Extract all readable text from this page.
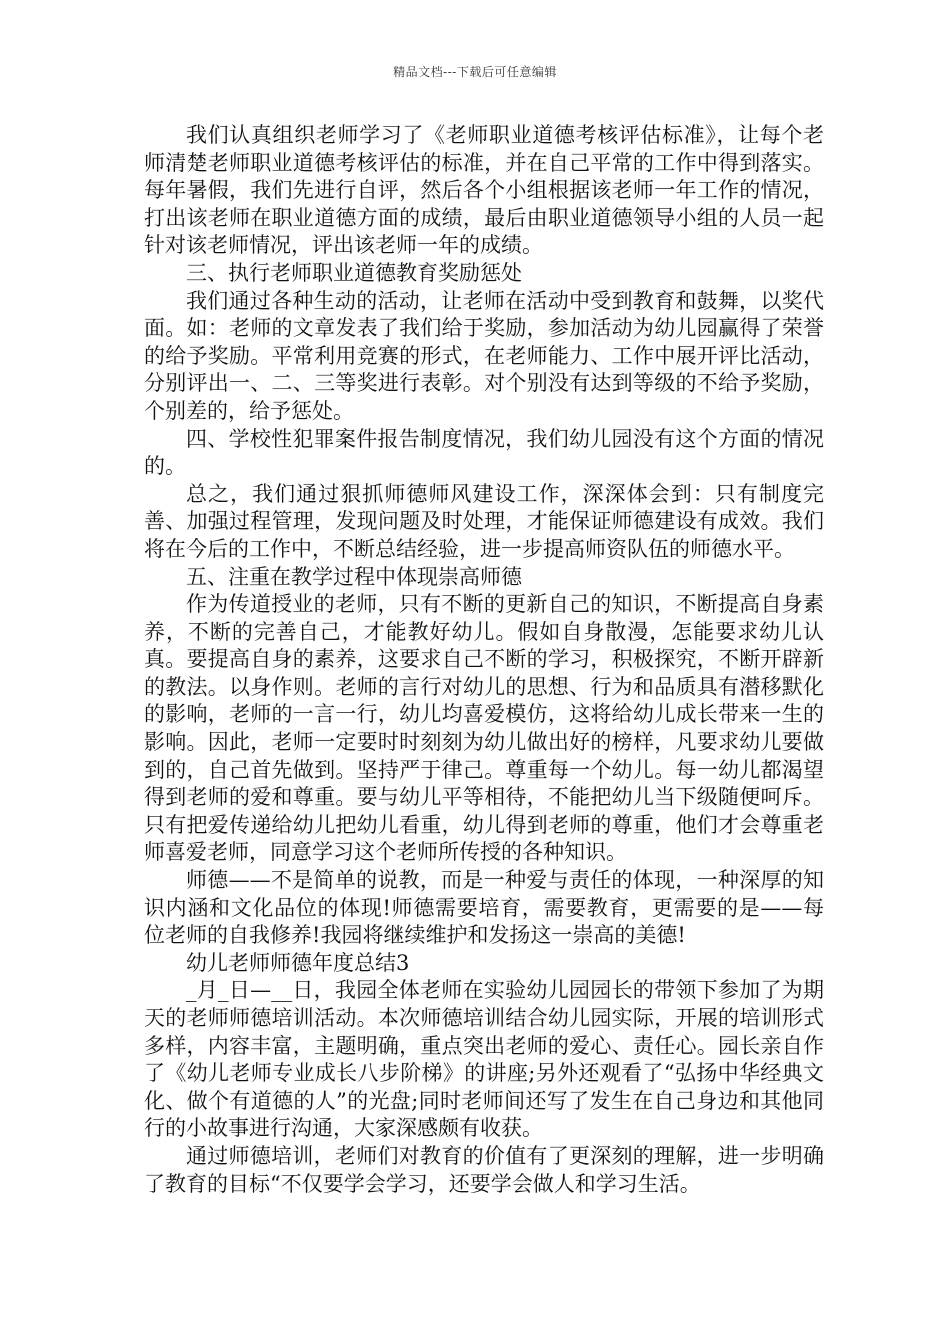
精品文档---下载后可任意编辑

我们认真组织老师学习了《老师职业道德考核评估标准》，让每个老师清楚老师职业道德考核评估的标准，并在自己平常的工作中得到落实。每年暑假，我们先进行自评，然后各个小组根据该老师一年工作的情况，打出该老师在职业道德方面的成绩，最后由职业道德领导小组的人员一起针对该老师情况，评出该老师一年的成绩。

三、执行老师职业道德教育奖励惩处

我们通过各种生动的活动，让老师在活动中受到教育和鼓舞，以奖代面。如：老师的文章发表了我们给于奖励，参加活动为幼儿园赢得了荣誉的给予奖励。平常利用竞赛的形式，在老师能力、工作中展开评比活动，分别评出一、二、三等奖进行表彰。对个别没有达到等级的不给予奖励，个别差的，给予惩处。

四、学校性犯罪案件报告制度情况，我们幼儿园没有这个方面的情况的。

总之，我们通过狠抓师德师风建设工作，深深体会到：只有制度完善、加强过程管理，发现问题及时处理，才能保证师德建设有成效。我们将在今后的工作中，不断总结经验，进一步提高师资队伍的师德水平。

五、注重在教学过程中体现崇高师德

作为传道授业的老师，只有不断的更新自己的知识，不断提高自身素养，不断的完善自己，才能教好幼儿。假如自身散漫，怎能要求幼儿认真。要提高自身的素养，这要求自己不断的学习，积极探究，不断开辟新的教法。以身作则。老师的言行对幼儿的思想、行为和品质具有潜移默化的影响，老师的一言一行，幼儿均喜爱模仿，这将给幼儿成长带来一生的影响。因此，老师一定要时时刻刻为幼儿做出好的榜样，凡要求幼儿要做到的，自己首先做到。坚持严于律己。尊重每一个幼儿。每一幼儿都渴望得到老师的爱和尊重。要与幼儿平等相待，不能把幼儿当下级随便呵斥。只有把爱传递给幼儿把幼儿看重，幼儿得到老师的尊重，他们才会尊重老师喜爱老师，同意学习这个老师所传授的各种知识。

师德——不是简单的说教，而是一种爱与责任的体现，一种深厚的知识内涵和文化品位的体现!师德需要培育，需要教育，更需要的是——每位老师的自我修养!我园将继续维护和发扬这一崇高的美德!

幼儿老师师德年度总结3

_月_日—__日，我园全体老师在实验幼儿园园长的带领下参加了为期天的老师师德培训活动。本次师德培训结合幼儿园实际，开展的培训形式多样，内容丰富，主题明确，重点突出老师的爱心、责任心。园长亲自作了《幼儿老师专业成长八步阶梯》的讲座;另外还观看了“弘扬中华经典文化、做个有道德的人”的光盘;同时老师间还写了发生在自己身边和其他同行的小故事进行沟通，大家深感颇有收获。

通过师德培训，老师们对教育的价值有了更深刻的理解，进一步明确了教育的目标“不仅要学会学习，还要学会做人和学习生活。
